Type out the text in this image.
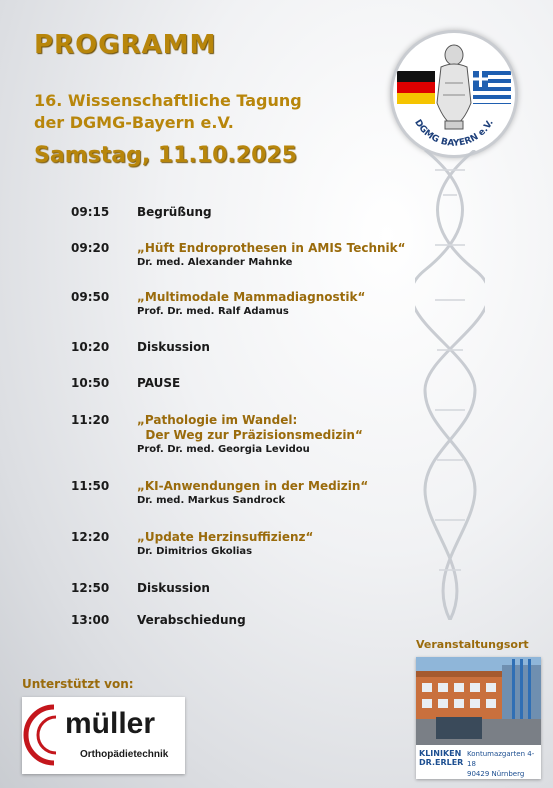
PROGRAMM

16. Wissenschaftliche Tagung
der DGMG-Bayern e.V.

Samstag, 11.10.2025

DGMG BAYERN e.V.
09:15 Begrüßung
09:20 „Hüft Endroprothesen in AMIS Technik“
Dr. med. Alexander Mahnke
09:50 „Multimodale Mammadiagnostik“
Prof. Dr. med. Ralf Adamus
10:20 Diskussion
10:50 PAUSE
11:20 „Pathologie im Wandel:
Der Weg zur Präzisionsmedizin“
Prof. Dr. med. Georgia Levidou
11:50 „KI-Anwendungen in der Medizin“
Dr. med. Markus Sandrock
12:20 „Update Herzinsuffizienz“
Dr. Dimitrios Gkolias
12:50 Diskussion
13:00 Verabschiedung
Unterstützt von:
müller
Orthopädietechnik
Veranstaltungsort
KLINIKEN
DR.ERLER
Kontumazgarten 4-18
90429 Nürnberg
